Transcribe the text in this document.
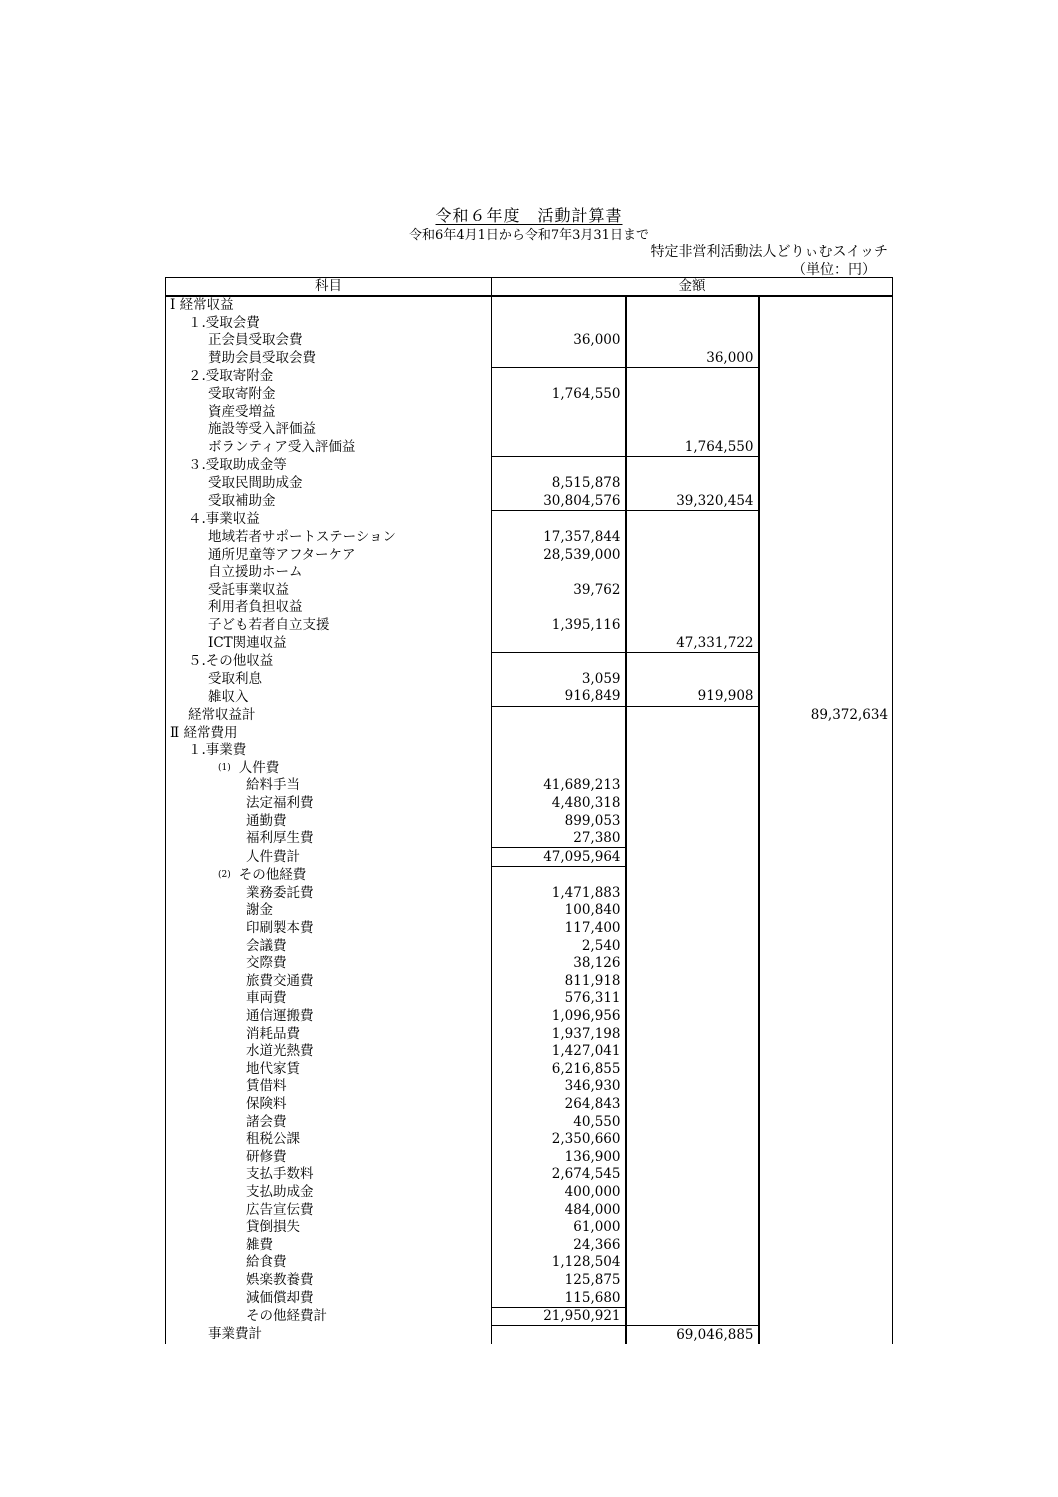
令和６年度　活動計算書
令和6年4月1日から令和7年3月31日まで
特定非営利活動法人どりぃむスイッチ
（単位：円）
科目	金額		
Ⅰ 経常収益			
１.受取会費			
正会員受取会費	36,000		
賛助会員受取会費		36,000	
２.受取寄附金			
受取寄附金	1,764,550		
資産受増益			
施設等受入評価益			
ボランティア受入評価益		1,764,550	
３.受取助成金等			
受取民間助成金	8,515,878		
受取補助金	30,804,576	39,320,454	
４.事業収益			
地域若者サポートステーション	17,357,844		
通所児童等アフターケア	28,539,000		
自立援助ホーム			
受託事業収益	39,762		
利用者負担収益			
子ども若者自立支援	1,395,116		
ICT関連収益		47,331,722	
５.その他収益			
受取利息	3,059		
雑収入	916,849	919,908	
経常収益計			89,372,634
Ⅱ 経常費用			
１.事業費			
(1) 人件費			
給料手当	41,689,213		
法定福利費	4,480,318		
通勤費	899,053		
福利厚生費	27,380		
人件費計	47,095,964		
(2) その他経費			
業務委託費	1,471,883		
謝金	100,840		
印刷製本費	117,400		
会議費	2,540		
交際費	38,126		
旅費交通費	811,918		
車両費	576,311		
通信運搬費	1,096,956		
消耗品費	1,937,198		
水道光熱費	1,427,041		
地代家賃	6,216,855		
賃借料	346,930		
保険料	264,843		
諸会費	40,550		
租税公課	2,350,660		
研修費	136,900		
支払手数料	2,674,545		
支払助成金	400,000		
広告宣伝費	484,000		
貸倒損失	61,000		
雑費	24,366		
給食費	1,128,504		
娯楽教養費	125,875		
減価償却費	115,680		
その他経費計	21,950,921		
事業費計		69,046,885	
